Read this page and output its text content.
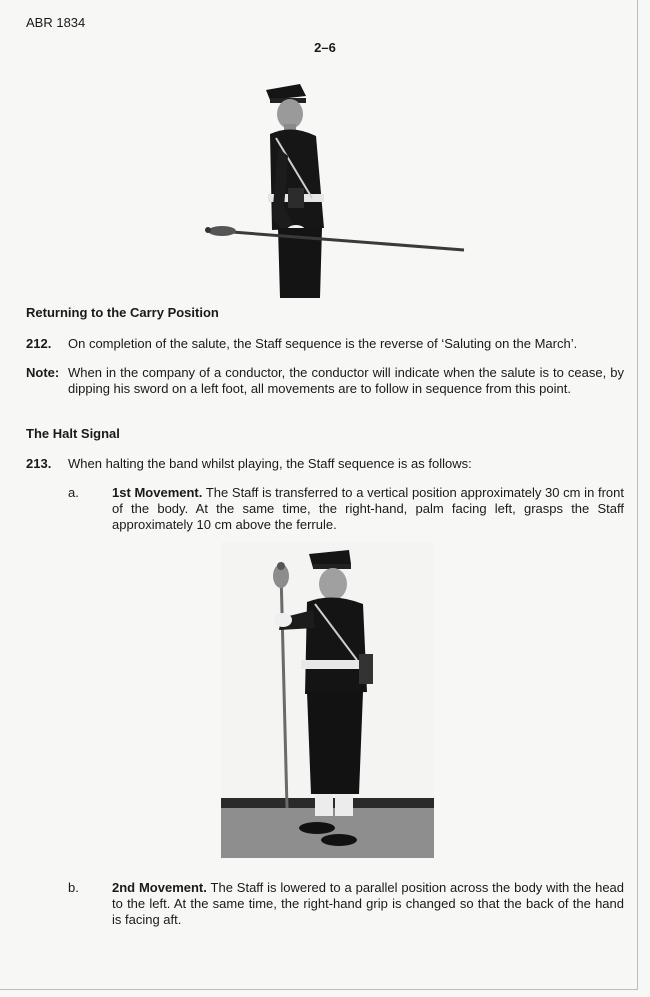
ABR 1834

2–6

Returning to the Carry Position

212. On completion of the salute, the Staff sequence is the reverse of ‘Saluting on the March’.
Note: When in the company of a conductor, the conductor will indicate when the salute is to cease, by dipping his sword on a left foot, all movements are to follow in sequence from this point.

The Halt Signal

213. When halting the band whilst playing, the Staff sequence is as follows:
a.	1st Movement. The Staff is transferred to a vertical position approximately 30 cm in front of the body. At the same time, the right-hand, palm facing left, grasps the Staff approximately 10 cm above the ferrule.
b.	2nd Movement. The Staff is lowered to a parallel position across the body with the head to the left. At the same time, the right-hand grip is changed so that the back of the hand is facing aft.
